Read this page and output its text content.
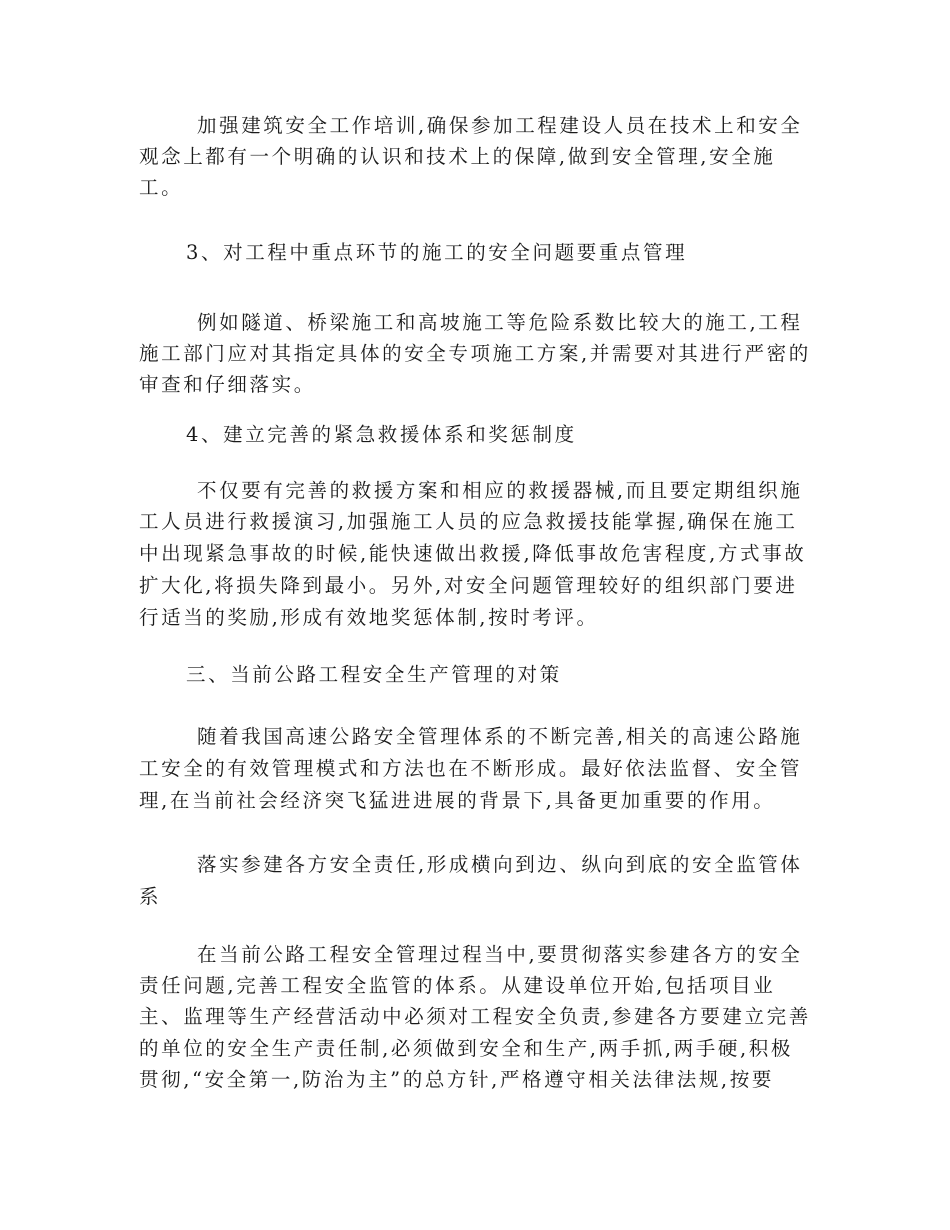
加强建筑安全工作培训,确保参加工程建设人员在技术上和安全
观念上都有一个明确的认识和技术上的保障,做到安全管理,安全施
工。
3、对工程中重点环节的施工的安全问题要重点管理
例如隧道、桥梁施工和高坡施工等危险系数比较大的施工,工程
施工部门应对其指定具体的安全专项施工方案,并需要对其进行严密的
审查和仔细落实。
4、建立完善的紧急救援体系和奖惩制度
不仅要有完善的救援方案和相应的救援器械,而且要定期组织施
工人员进行救援演习,加强施工人员的应急救援技能掌握,确保在施工
中出现紧急事故的时候,能快速做出救援,降低事故危害程度,方式事故
扩大化,将损失降到最小。另外,对安全问题管理较好的组织部门要进
行适当的奖励,形成有效地奖惩体制,按时考评。
三、当前公路工程安全生产管理的对策
随着我国高速公路安全管理体系的不断完善,相关的高速公路施
工安全的有效管理模式和方法也在不断形成。最好依法监督、安全管
理,在当前社会经济突飞猛进进展的背景下,具备更加重要的作用。
落实参建各方安全责任,形成横向到边、纵向到底的安全监管体
系
在当前公路工程安全管理过程当中,要贯彻落实参建各方的安全
责任问题,完善工程安全监管的体系。从建设单位开始,包括项目业
主、监理等生产经营活动中必须对工程安全负责,参建各方要建立完善
的单位的安全生产责任制,必须做到安全和生产,两手抓,两手硬,积极
贯彻,“安全第一,防治为主”的总方针,严格遵守相关法律法规,按要
